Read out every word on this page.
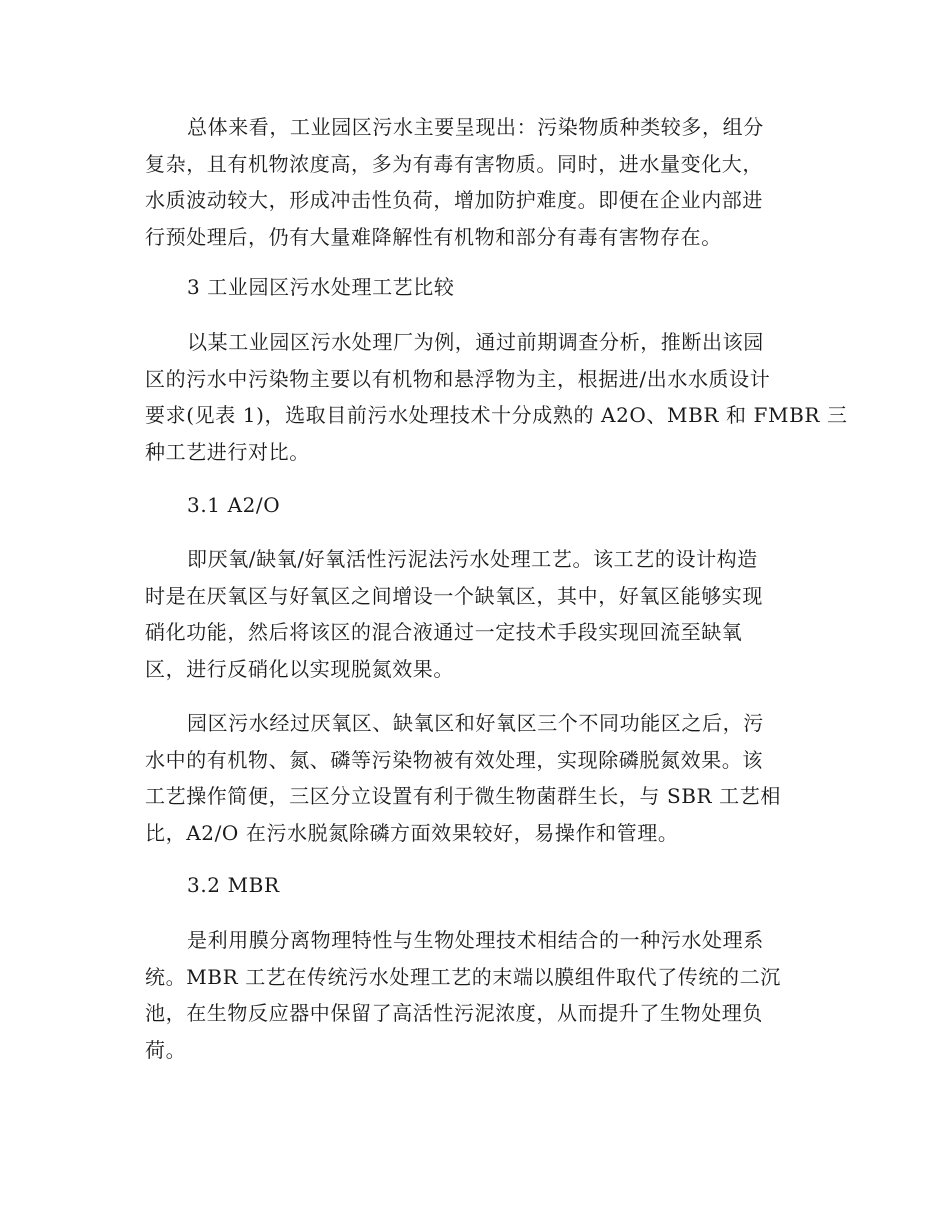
总体来看，工业园区污水主要呈现出：污染物质种类较多，组分
复杂，且有机物浓度高，多为有毒有害物质。同时，进水量变化大，
水质波动较大，形成冲击性负荷，增加防护难度。即便在企业内部进
行预处理后，仍有大量难降解性有机物和部分有毒有害物存在。
3 工业园区污水处理工艺比较
以某工业园区污水处理厂为例，通过前期调查分析，推断出该园
区的污水中污染物主要以有机物和悬浮物为主，根据进/出水水质设计
要求(见表 1)，选取目前污水处理技术十分成熟的 A2O、MBR 和 FMBR 三
种工艺进行对比。
3.1 A2/O
即厌氧/缺氧/好氧活性污泥法污水处理工艺。该工艺的设计构造
时是在厌氧区与好氧区之间增设一个缺氧区，其中，好氧区能够实现
硝化功能，然后将该区的混合液通过一定技术手段实现回流至缺氧
区，进行反硝化以实现脱氮效果。
园区污水经过厌氧区、缺氧区和好氧区三个不同功能区之后，污
水中的有机物、氮、磷等污染物被有效处理，实现除磷脱氮效果。该
工艺操作简便，三区分立设置有利于微生物菌群生长，与 SBR 工艺相
比，A2/O 在污水脱氮除磷方面效果较好，易操作和管理。
3.2 MBR
是利用膜分离物理特性与生物处理技术相结合的一种污水处理系
统。MBR 工艺在传统污水处理工艺的末端以膜组件取代了传统的二沉
池，在生物反应器中保留了高活性污泥浓度，从而提升了生物处理负
荷。
